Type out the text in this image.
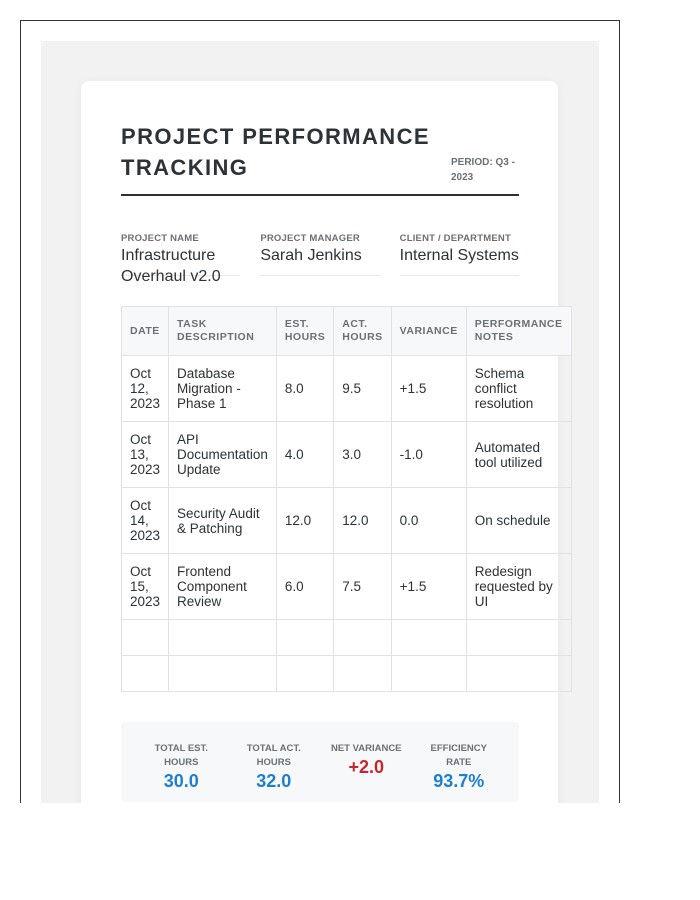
PROJECT PERFORMANCE TRACKING	PERIOD: Q3 - 2023
PROJECT NAME
Infrastructure Overhaul v2.0
PROJECT MANAGER
Sarah Jenkins
CLIENT / DEPARTMENT
Internal Systems
DATE	TASK DESCRIPTION	EST. HOURS	ACT. HOURS	VARIANCE	PERFORMANCE NOTES
Oct 12, 2023	Database Migration - Phase 1	8.0	9.5	+1.5	Schema conflict resolution
Oct 13, 2023	API Documentation Update	4.0	3.0	-1.0	Automated tool utilized
Oct 14, 2023	Security Audit & Patching	12.0	12.0	0.0	On schedule
Oct 15, 2023	Frontend Component Review	6.0	7.5	+1.5	Redesign requested by UI

TOTAL EST. HOURS
30.0
TOTAL ACT. HOURS
32.0
NET VARIANCE
+2.0
EFFICIENCY RATE
93.7%
